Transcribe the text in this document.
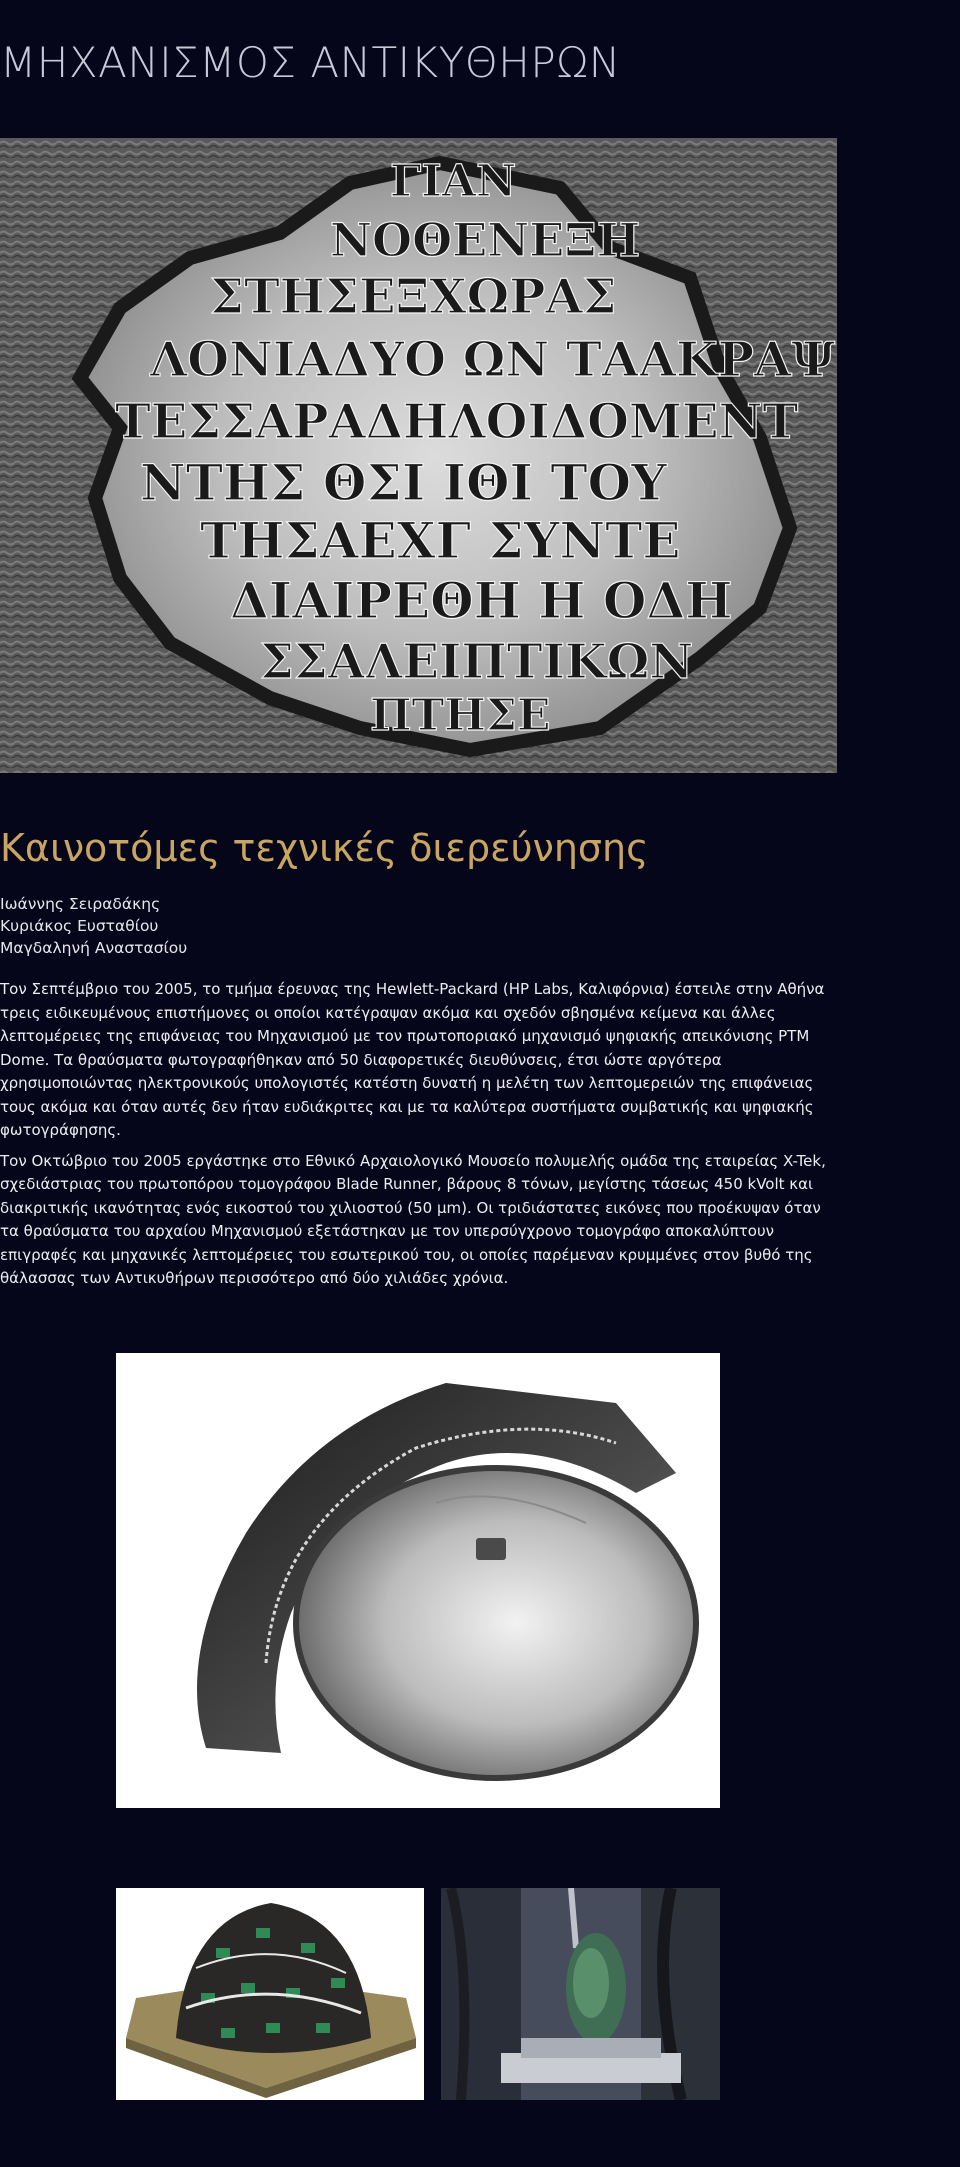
ΜΗΧΑΝΙΣΜΟΣ ΑΝΤΙΚΥΘΗΡΩΝ
ΓΙΑΝ
ΝΟΘΕΝΕΞΗ
ΣΤΗΣΕΞΧΩΡΑΣ
ΛΟΝΙΑΔΥΟ ΩΝ ΤΑΑΚΡΑΨ
ΤΕΣΣΑΡΑΔΗΛΟΙΔΟΜΕΝΤ
ΝΤΗΣ ΘΣΙ ΙΘΙ ΤΟΥ
ΤΗΣΑΕΧΓ ΣΥΝΤΕ
ΔΙΑΙΡΕΘΗ Η ΟΔΗ
ΣΣΑΛΕΙΠΤΙΚΩΝ
ΠΤΗΣΕ
Καινοτόμες τεχνικές διερεύνησης
Ιωάννης Σειραδάκης
Κυριάκος Ευσταθίου
Μαγδαληνή Αναστασίου

Τον Σεπτέμβριο του 2005, το τμήμα έρευνας της Hewlett-Packard (HP Labs, Καλιφόρνια) έστειλε στην Αθήνα τρεις ειδικευμένους επιστήμονες οι οποίοι κατέγραψαν ακόμα και σχεδόν σβησμένα κείμενα και άλλες λεπτομέρειες της επιφάνειας του Μηχανισμού με τον πρωτοποριακό μηχανισμό ψηφιακής απεικόνισης PTM Dome. Τα θραύσματα φωτογραφήθηκαν από 50 διαφορετικές διευθύνσεις, έτσι ώστε αργότερα χρησιμοποιώντας ηλεκτρονικούς υπολογιστές κατέστη δυνατή η μελέτη των λεπτομερειών της επιφάνειας τους ακόμα και όταν αυτές δεν ήταν ευδιάκριτες και με τα καλύτερα συστήματα συμβατικής και ψηφιακής φωτογράφησης.

Τον Οκτώβριο του 2005 εργάστηκε στο Εθνικό Αρχαιολογικό Μουσείο πολυμελής ομάδα της εταιρείας X-Tek, σχεδιάστριας του πρωτοπόρου τομογράφου Blade Runner, βάρους 8 τόνων, μεγίστης τάσεως 450 kVolt και διακριτικής ικανότητας ενός εικοστού του χιλιοστού (50 μm). Οι τριδιάστατες εικόνες που προέκυψαν όταν τα θραύσματα του αρχαίου Μηχανισμού εξετάστηκαν με τον υπερσύγχρονο τομογράφο αποκαλύπτουν επιγραφές και μηχανικές λεπτομέρειες του εσωτερικού του, οι οποίες παρέμεναν κρυμμένες στον βυθό της θάλασσας των Αντικυθήρων περισσότερο από δύο χιλιάδες χρόνια.
